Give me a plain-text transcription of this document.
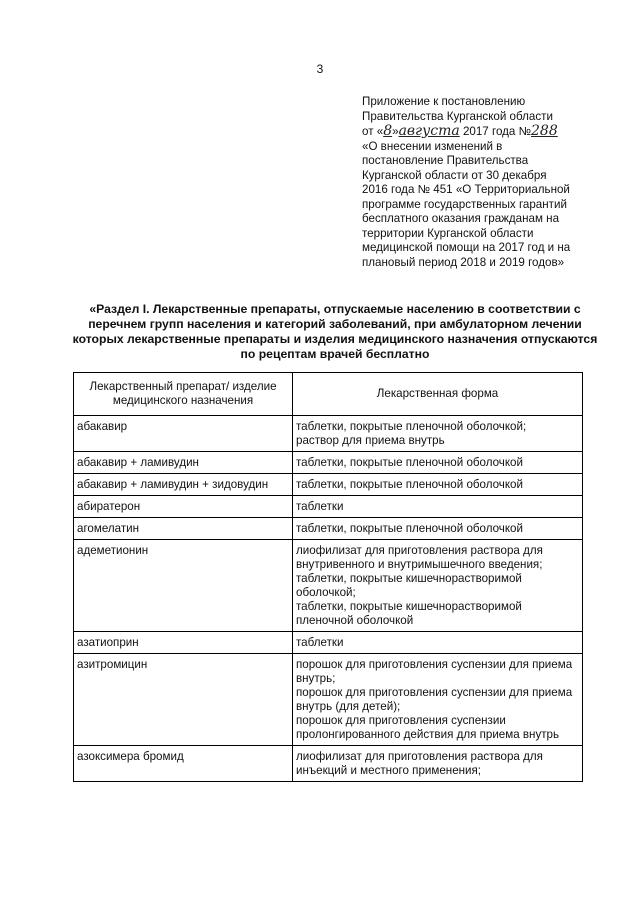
3
Приложение к постановлению
Правительства Курганской области
от «8»августа 2017 года №288
«О внесении изменений в
постановление Правительства
Курганской области от 30 декабря
2016 года № 451 «О Территориальной
программе государственных гарантий
бесплатного оказания гражданам на
территории Курганской области
медицинской помощи на 2017 год и на
плановый период 2018 и 2019 годов»
«Раздел I. Лекарственные препараты, отпускаемые населению в соответствии с перечнем групп населения и категорий заболеваний, при амбулаторном лечении которых лекарственные препараты и изделия медицинского назначения отпускаются по рецептам врачей бесплатно
Лекарственный препарат/ изделие медицинского назначения	Лекарственная форма
абакавир	таблетки, покрытые пленочной оболочкой;
раствор для приема внутрь

абакавир + ламивудин	таблетки, покрытые пленочной оболочкой

абакавир + ламивудин + зидовудин	таблетки, покрытые пленочной оболочкой

абиратерон	таблетки

агомелатин	таблетки, покрытые пленочной оболочкой

адеметионин	лиофилизат для приготовления раствора для внутривенного и внутримышечного введения;
таблетки, покрытые кишечнорастворимой оболочкой;
таблетки, покрытые кишечнорастворимой пленочной оболочкой

азатиоприн	таблетки

азитромицин	порошок для приготовления суспензии для приема внутрь;
порошок для приготовления суспензии для приема внутрь (для детей);
порошок для приготовления суспензии пролонгированного действия для приема внутрь

азоксимера бромид	лиофилизат для приготовления раствора для инъекций и местного применения;
